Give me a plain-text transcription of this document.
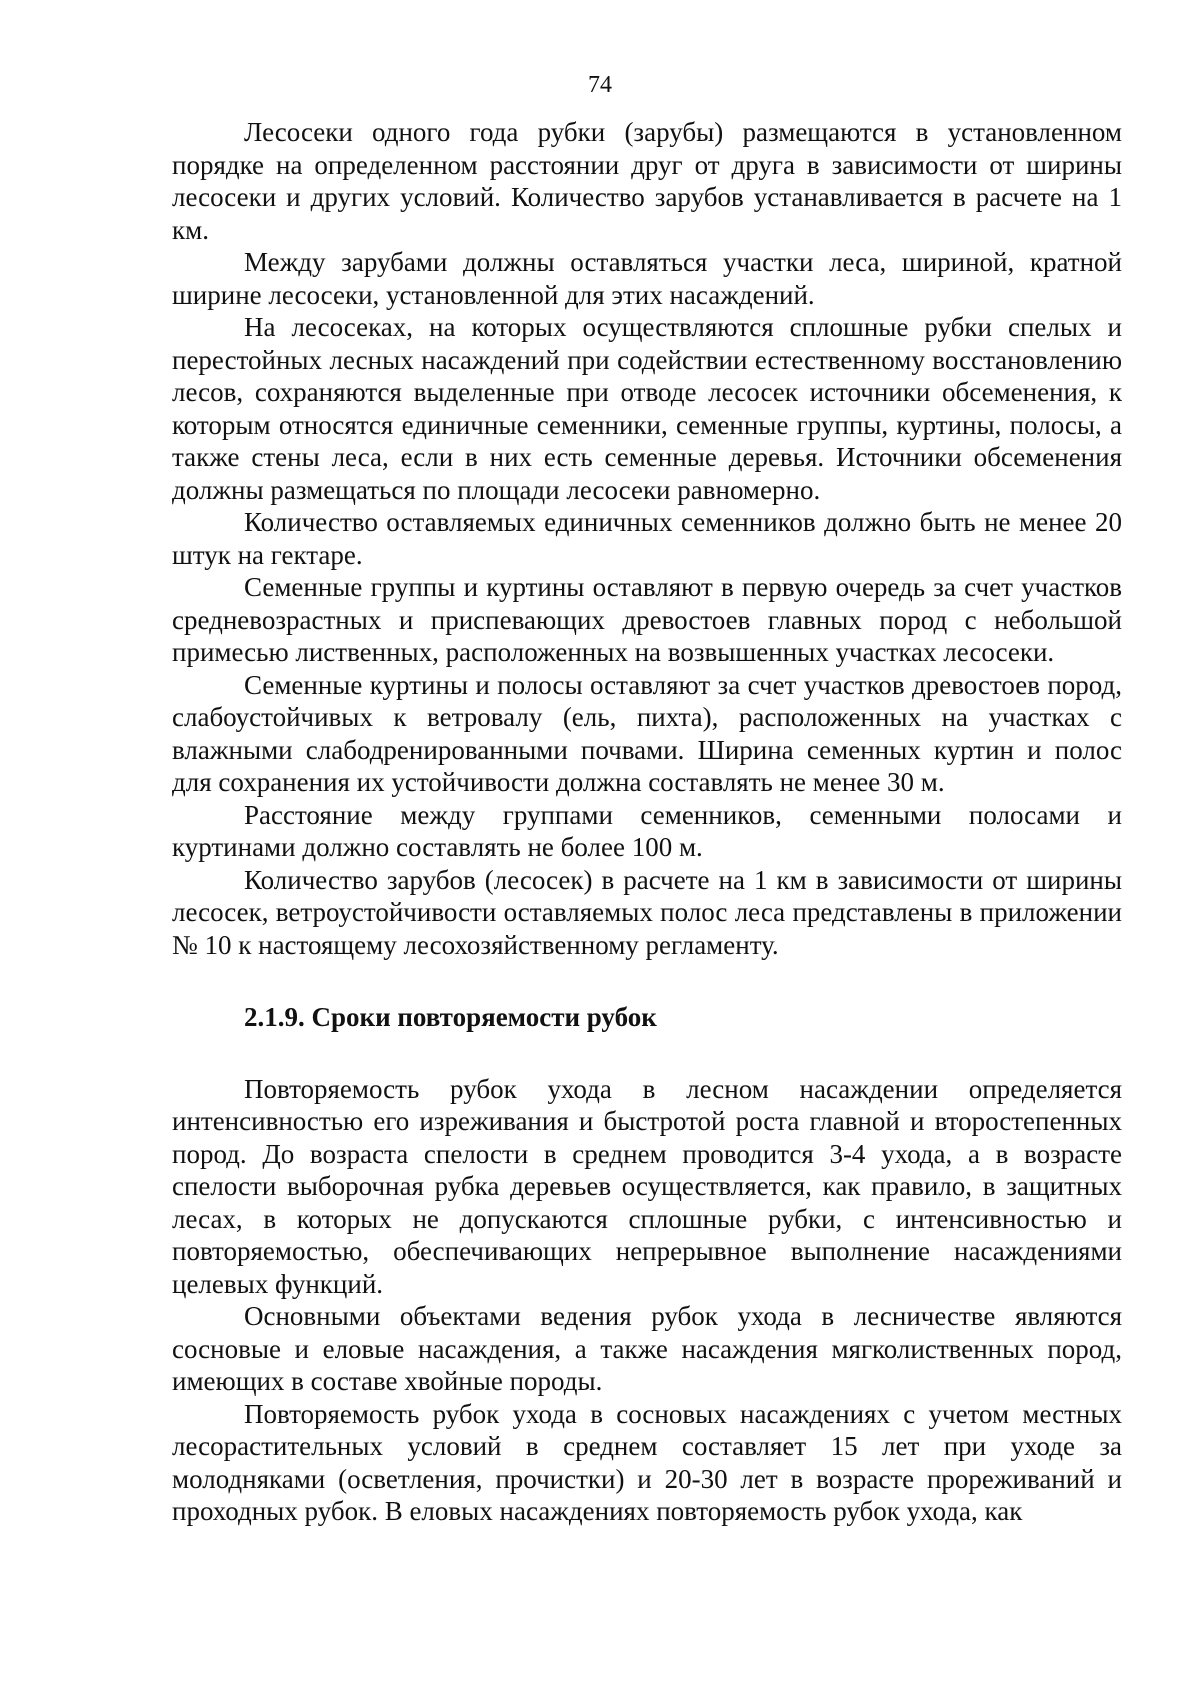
74

Лесосеки одного года рубки (зарубы) размещаются в установленном порядке на определенном расстоянии друг от друга в зависимости от ширины лесосеки и других условий. Количество зарубов устанавливается в расчете на 1 км.

Между зарубами должны оставляться участки леса, шириной, кратной ширине лесосеки, установленной для этих насаждений.

На лесосеках, на которых осуществляются сплошные рубки спелых и перестойных лесных насаждений при содействии естественному восстановлению лесов, сохраняются выделенные при отводе лесосек источники обсеменения, к которым относятся единичные семенники, семенные группы, куртины, полосы, а также стены леса, если в них есть семенные деревья. Источники обсеменения должны размещаться по площади лесосеки равномерно.

Количество оставляемых единичных семенников должно быть не менее 20 штук на гектаре.

Семенные группы и куртины оставляют в первую очередь за счет участков средневозрастных и приспевающих древостоев главных пород с небольшой примесью лиственных, расположенных на возвышенных участках лесосеки.

Семенные куртины и полосы оставляют за счет участков древостоев пород, слабоустойчивых к ветровалу (ель, пихта), расположенных на участках с влажными слабодренированными почвами. Ширина семенных куртин и полос для сохранения их устойчивости должна составлять не менее 30 м.

Расстояние между группами семенников, семенными полосами и куртинами должно составлять не более 100 м.

Количество зарубов (лесосек) в расчете на 1 км в зависимости от ширины лесосек, ветроустойчивости оставляемых полос леса представлены в приложении № 10 к настоящему лесохозяйственному регламенту.

2.1.9. Сроки повторяемости рубок

Повторяемость рубок ухода в лесном насаждении определяется интенсивностью его изреживания и быстротой роста главной и второстепенных пород. До возраста спелости в среднем проводится 3-4 ухода, а в возрасте спелости выборочная рубка деревьев осуществляется, как правило, в защитных лесах, в которых не допускаются сплошные рубки, с интенсивностью и повторяемостью, обеспечивающих непрерывное выполнение насаждениями целевых функций.

Основными объектами ведения рубок ухода в лесничестве являются сосновые и еловые насаждения, а также насаждения мягколиственных пород, имеющих в составе хвойные породы.

Повторяемость рубок ухода в сосновых насаждениях с учетом местных лесорастительных условий в среднем составляет 15 лет при уходе за молодняками (осветления, прочистки) и 20-30 лет в возрасте прореживаний и проходных рубок. В еловых насаждениях повторяемость рубок ухода, как
